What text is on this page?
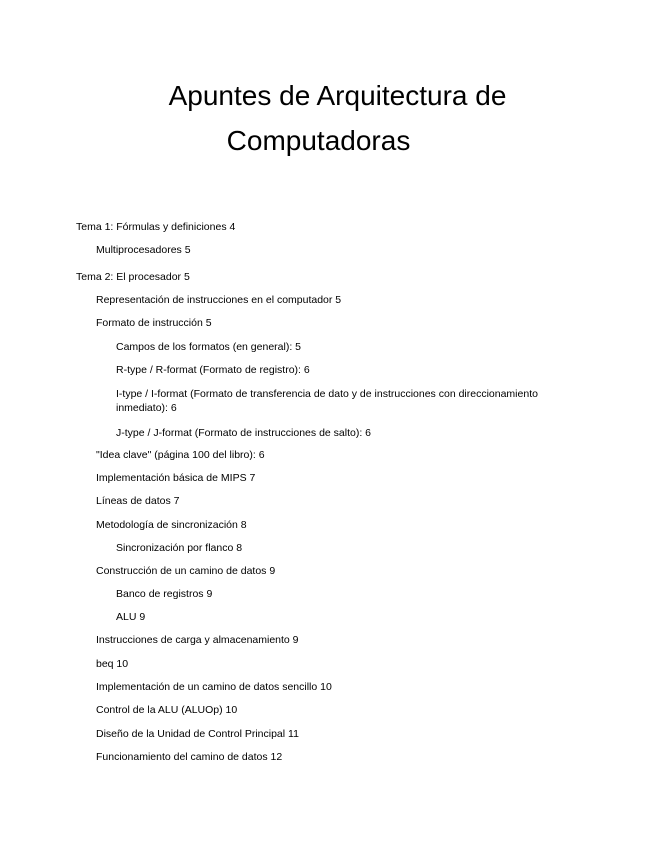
Apuntes de Arquitectura de
Computadoras
Tema 1: Fórmulas y definiciones 4
Multiprocesadores 5
Tema 2: El procesador 5
Representación de instrucciones en el computador 5
Formato de instrucción 5
Campos de los formatos (en general): 5
R-type / R-format (Formato de registro): 6
I-type / I-format (Formato de transferencia de dato y de instrucciones con direccionamiento inmediato): 6
J-type / J-format (Formato de instrucciones de salto): 6
"Idea clave" (página 100 del libro): 6
Implementación básica de MIPS 7
Líneas de datos 7
Metodología de sincronización 8
Sincronización por flanco 8
Construcción de un camino de datos 9
Banco de registros 9
ALU 9
Instrucciones de carga y almacenamiento 9
beq 10
Implementación de un camino de datos sencillo 10
Control de la ALU (ALUOp) 10
Diseño de la Unidad de Control Principal 11
Funcionamiento del camino de datos 12
